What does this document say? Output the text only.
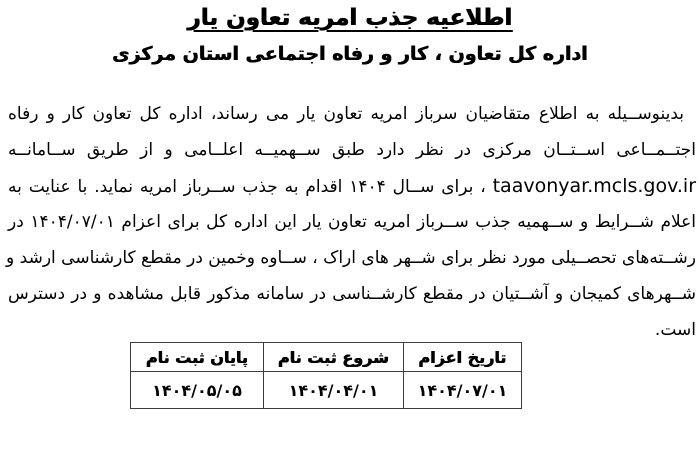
اطلاعیه جذب امریه تعاون یار
اداره کل تعاون ، کار و رفاه اجتماعی استان مرکزی
بدینوســیله به اطلاع متقاضیان سرباز امریه تعاون یار می رساند، اداره کل تعاون کار و رفاه
اجتــمــاعی اســتــان مرکزی در نظر دارد طبق ســهمیــه اعلــامی و از طریق ســامانــه
taavonyar.mcls.gov.ir ، برای ســال ۱۴۰۴ اقدام به جذب ســرباز امریه نماید. با عنایت به
اعلام شــرایط و ســهمیه جذب ســرباز امریه تعاون یار این اداره کل برای اعزام ۱۴۰۴/۰۷/۰۱ در
رشــته‌های تحصــیلی مورد نظر برای شــهر های اراک ، ســاوه وخمین در مقطع کارشناسی ارشد و
شــهرهای کمیجان و آشــتیان در مقطع کارشــناسی در سامانه مذکور قابل مشاهده و در دسترس
است.
تاریخ اعزام	شروع ثبت نام	پایان ثبت نام
۱۴۰۴/۰۷/۰۱	۱۴۰۴/۰۴/۰۱	۱۴۰۴/۰۵/۰۵
